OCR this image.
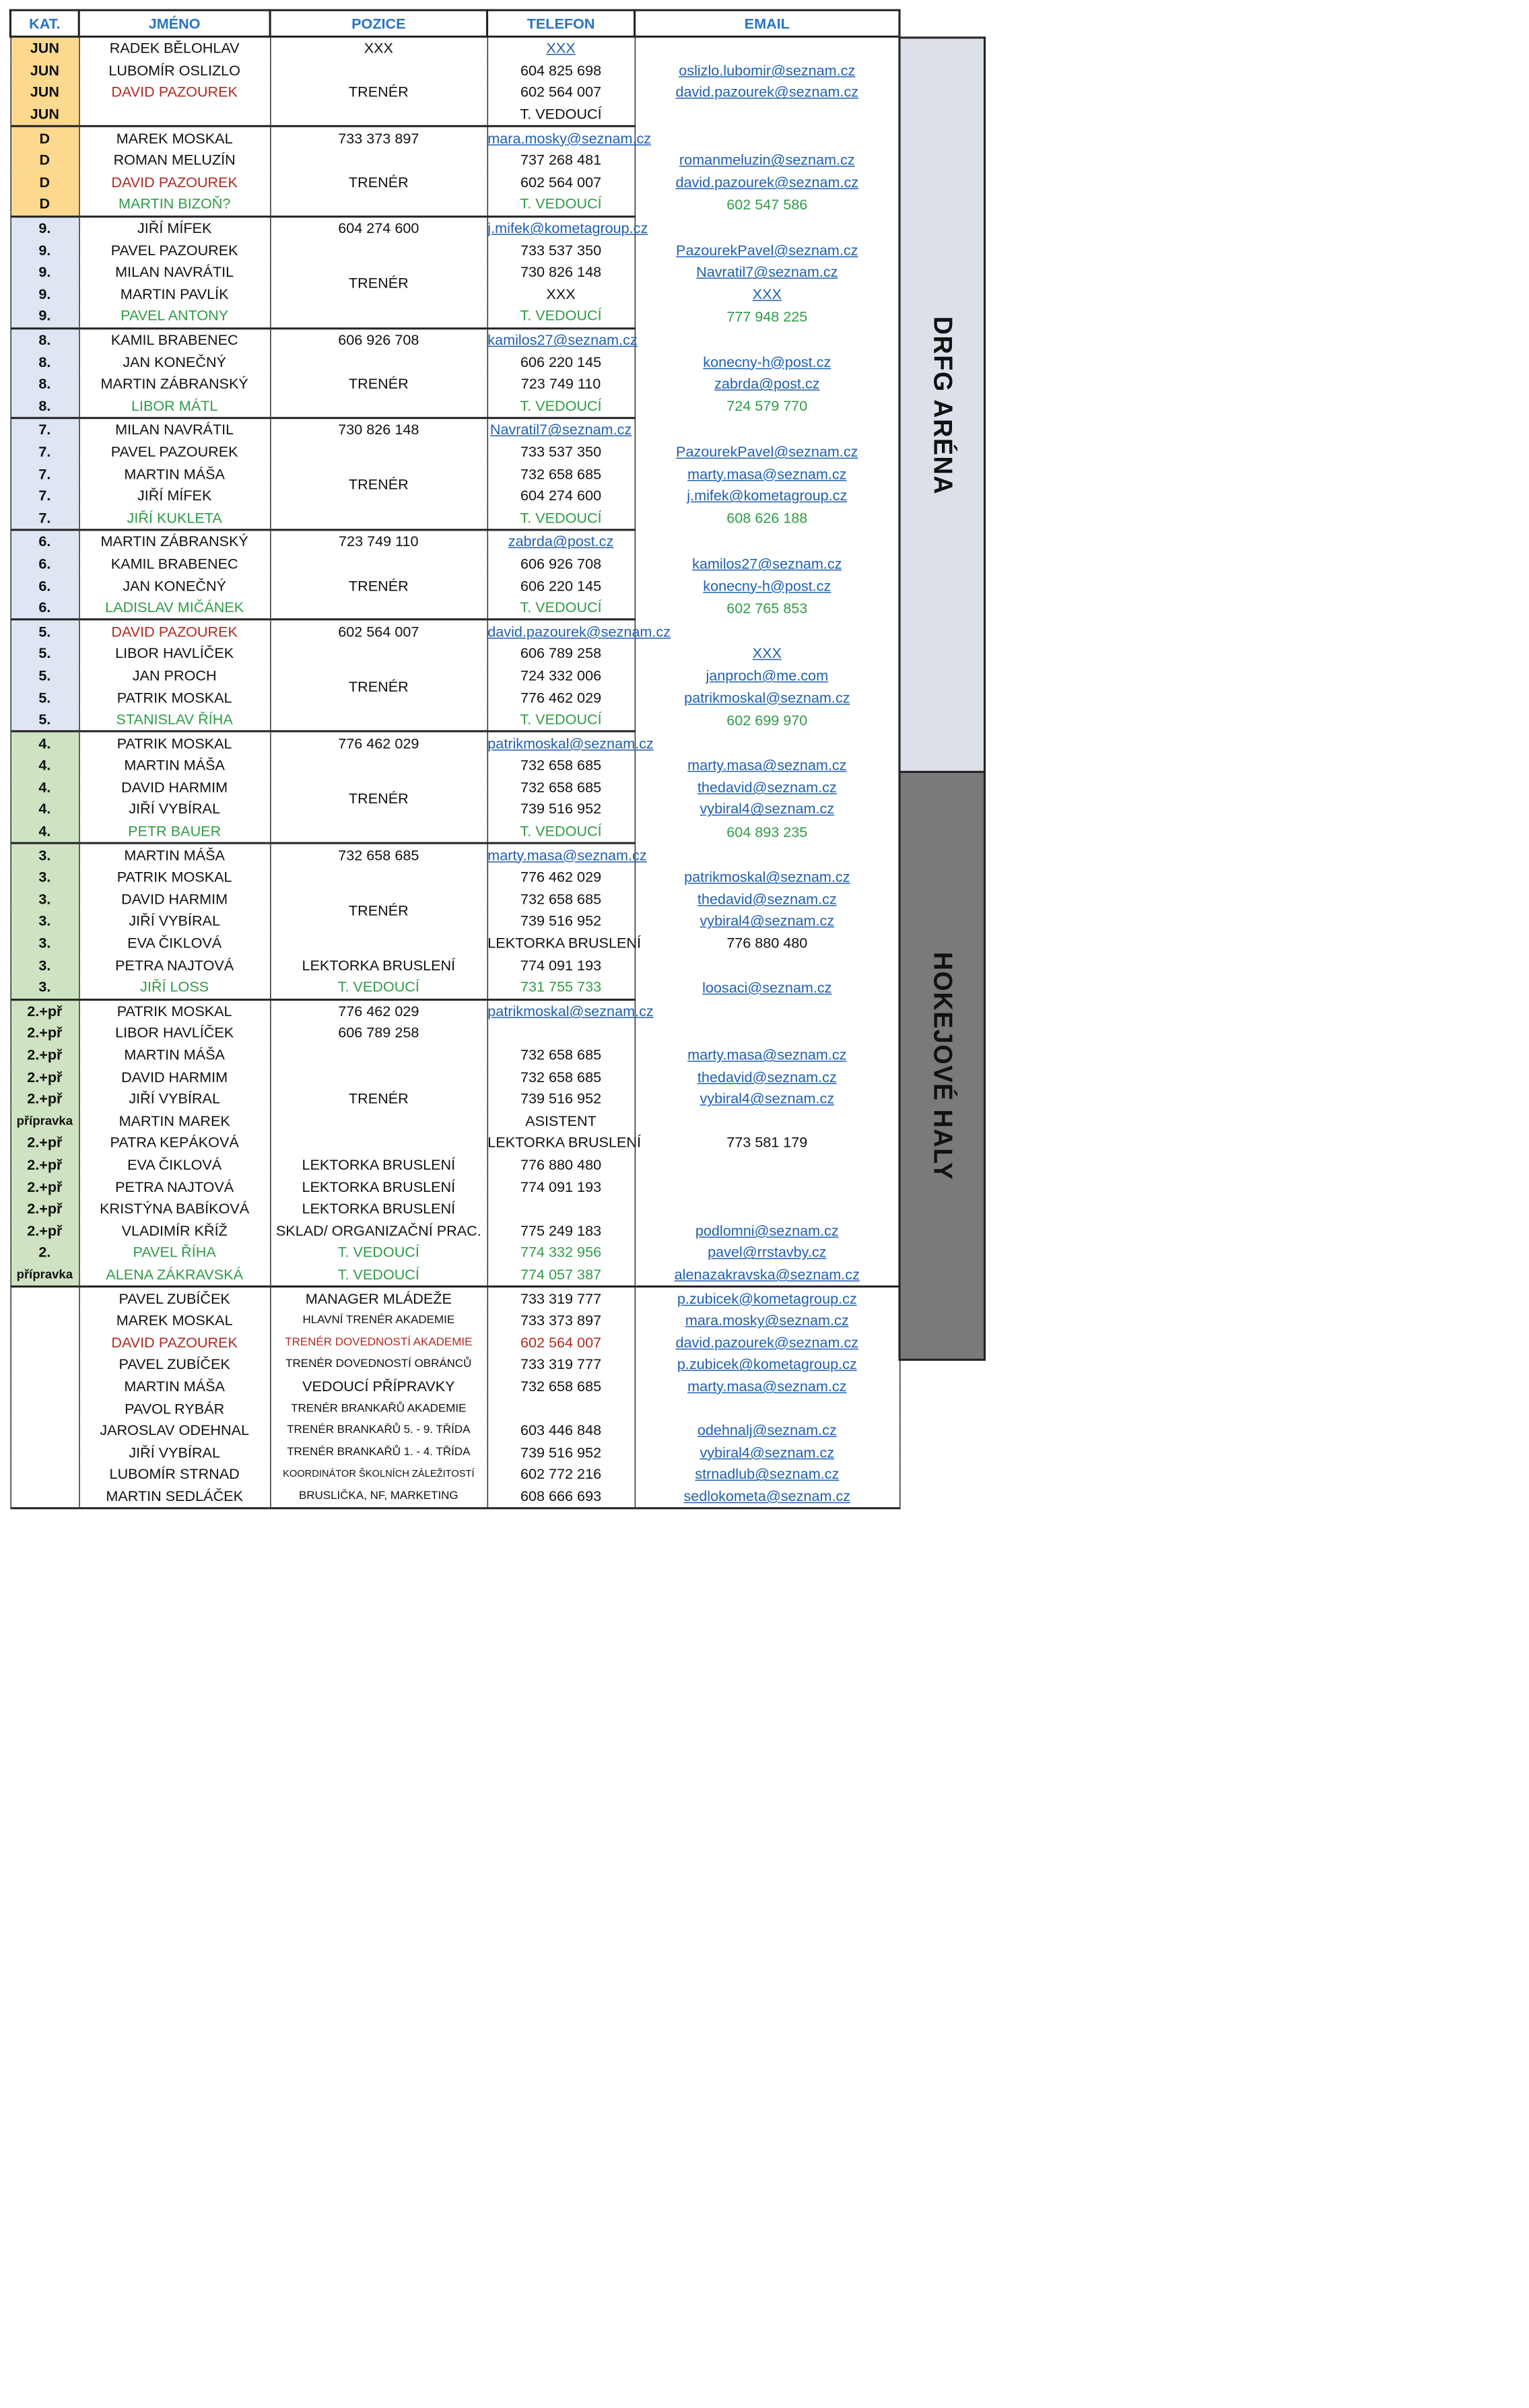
KAT.	JMÉNO	POZICE	TELEFON	EMAIL	
JUN	RADEK BĚLOHLAV	XXX	XXX		
JUN	LUBOMÍR OSLIZLO	TRENÉR	604 825 698	oslizlo.lubomir@seznam.cz	
JUN	DAVID PAZOUREK		602 564 007	david.pazourek@seznam.cz	
JUN			T. VEDOUCÍ		
D	MAREK MOSKAL	733 373 897	mara.mosky@seznam.cz		
D	ROMAN MELUZÍN	TRENÉR	737 268 481	romanmeluzin@seznam.cz	
D	DAVID PAZOUREK		602 564 007	david.pazourek@seznam.cz	
D	MARTIN BIZOŇ?		T. VEDOUCÍ	602 547 586	
9.	JIŘÍ MÍFEK	604 274 600	j.mifek@kometagroup.cz		
9.	PAVEL PAZOUREK	TRENÉR	733 537 350	PazourekPavel@seznam.cz	
9.	MILAN NAVRÁTIL		730 826 148	Navratil7@seznam.cz	
9.	MARTIN PAVLÍK		XXX	XXX	
9.	PAVEL ANTONY		T. VEDOUCÍ	777 948 225	
8.	KAMIL BRABENEC	606 926 708	kamilos27@seznam.cz		
8.	JAN KONEČNÝ	TRENÉR	606 220 145	konecny-h@post.cz	
8.	MARTIN ZÁBRANSKÝ		723 749 110	zabrda@post.cz	
8.	LIBOR MÁTL		T. VEDOUCÍ	724 579 770	
7.	MILAN NAVRÁTIL	730 826 148	Navratil7@seznam.cz		
7.	PAVEL PAZOUREK	TRENÉR	733 537 350	PazourekPavel@seznam.cz	
7.	MARTIN MÁŠA		732 658 685	marty.masa@seznam.cz	
7.	JIŘÍ MÍFEK		604 274 600	j.mifek@kometagroup.cz	
7.	JIŘÍ KUKLETA		T. VEDOUCÍ	608 626 188	
6.	MARTIN ZÁBRANSKÝ	723 749 110	zabrda@post.cz		
6.	KAMIL BRABENEC	TRENÉR	606 926 708	kamilos27@seznam.cz	
6.	JAN KONEČNÝ		606 220 145	konecny-h@post.cz	
6.	LADISLAV MIČÁNEK		T. VEDOUCÍ	602 765 853	
5.	DAVID PAZOUREK	602 564 007	david.pazourek@seznam.cz		
5.	LIBOR HAVLÍČEK	TRENÉR	606 789 258	XXX	
5.	JAN PROCH		724 332 006	janproch@me.com	
5.	PATRIK MOSKAL		776 462 029	patrikmoskal@seznam.cz	
5.	STANISLAV ŘÍHA		T. VEDOUCÍ	602 699 970	
4.	PATRIK MOSKAL	776 462 029	patrikmoskal@seznam.cz		
4.	MARTIN MÁŠA	TRENÉR	732 658 685	marty.masa@seznam.cz	
4.	DAVID HARMIM		732 658 685	thedavid@seznam.cz	
4.	JIŘÍ VYBÍRAL		739 516 952	vybiral4@seznam.cz	
4.	PETR BAUER		T. VEDOUCÍ	604 893 235	
3.	MARTIN MÁŠA	732 658 685	marty.masa@seznam.cz		
3.	PATRIK MOSKAL	TRENÉR	776 462 029	patrikmoskal@seznam.cz	
3.	DAVID HARMIM		732 658 685	thedavid@seznam.cz	
3.	JIŘÍ VYBÍRAL		739 516 952	vybiral4@seznam.cz	
3.	EVA ČIKLOVÁ		LEKTORKA BRUSLENÍ	776 880 480	
3.	PETRA NAJTOVÁ	LEKTORKA BRUSLENÍ	774 091 193		
3.	JIŘÍ LOSS	T. VEDOUCÍ	731 755 733	loosaci@seznam.cz	
2.+př	PATRIK MOSKAL	776 462 029	patrikmoskal@seznam.cz		
2.+př	LIBOR HAVLÍČEK	606 789 258			
2.+př	MARTIN MÁŠA	TRENÉR	732 658 685	marty.masa@seznam.cz	
2.+př	DAVID HARMIM		732 658 685	thedavid@seznam.cz	
2.+př	JIŘÍ VYBÍRAL		739 516 952	vybiral4@seznam.cz	
přípravka	MARTIN MAREK		ASISTENT		
2.+př	PATRA KEPÁKOVÁ		LEKTORKA BRUSLENÍ	773 581 179	
2.+př	EVA ČIKLOVÁ	LEKTORKA BRUSLENÍ	776 880 480		
2.+př	PETRA NAJTOVÁ	LEKTORKA BRUSLENÍ	774 091 193		
2.+př	KRISTÝNA BABÍKOVÁ	LEKTORKA BRUSLENÍ			
2.+př	VLADIMÍR KŘÍŽ	SKLAD/ ORGANIZAČNÍ PRAC.	775 249 183	podlomni@seznam.cz	
2.	PAVEL ŘÍHA	T. VEDOUCÍ	774 332 956	pavel@rrstavby.cz	
přípravka	ALENA ZÁKRAVSKÁ	T. VEDOUCÍ	774 057 387	alenazakravska@seznam.cz	
	PAVEL ZUBÍČEK	MANAGER MLÁDEŽE	733 319 777	p.zubicek@kometagroup.cz	
	MAREK MOSKAL	HLAVNÍ TRENÉR AKADEMIE	733 373 897	mara.mosky@seznam.cz	
	DAVID PAZOUREK	TRENÉR DOVEDNOSTÍ AKADEMIE	602 564 007	david.pazourek@seznam.cz	
	PAVEL ZUBÍČEK	TRENÉR DOVEDNOSTÍ OBRÁNCŮ	733 319 777	p.zubicek@kometagroup.cz	
	MARTIN MÁŠA	VEDOUCÍ PŘÍPRAVKY	732 658 685	marty.masa@seznam.cz	
	PAVOL RYBÁR	TRENÉR BRANKAŘŮ AKADEMIE			
	JAROSLAV ODEHNAL	TRENÉR BRANKAŘŮ 5. - 9. TŘÍDA	603 446 848	odehnalj@seznam.cz	
	JIŘÍ VYBÍRAL	TRENÉR BRANKAŘŮ 1. - 4. TŘÍDA	739 516 952	vybiral4@seznam.cz	
	LUBOMÍR STRNAD	KOORDINÁTOR ŠKOLNÍCH ZÁLEŽITOSTÍ	602 772 216	strnadlub@seznam.cz	
	MARTIN SEDLÁČEK	BRUSLIČKA, NF, MARKETING	608 666 693	sedlokometa@seznam.cz	
DRFG ARÉNA
HOKEJOVÉ HALY
